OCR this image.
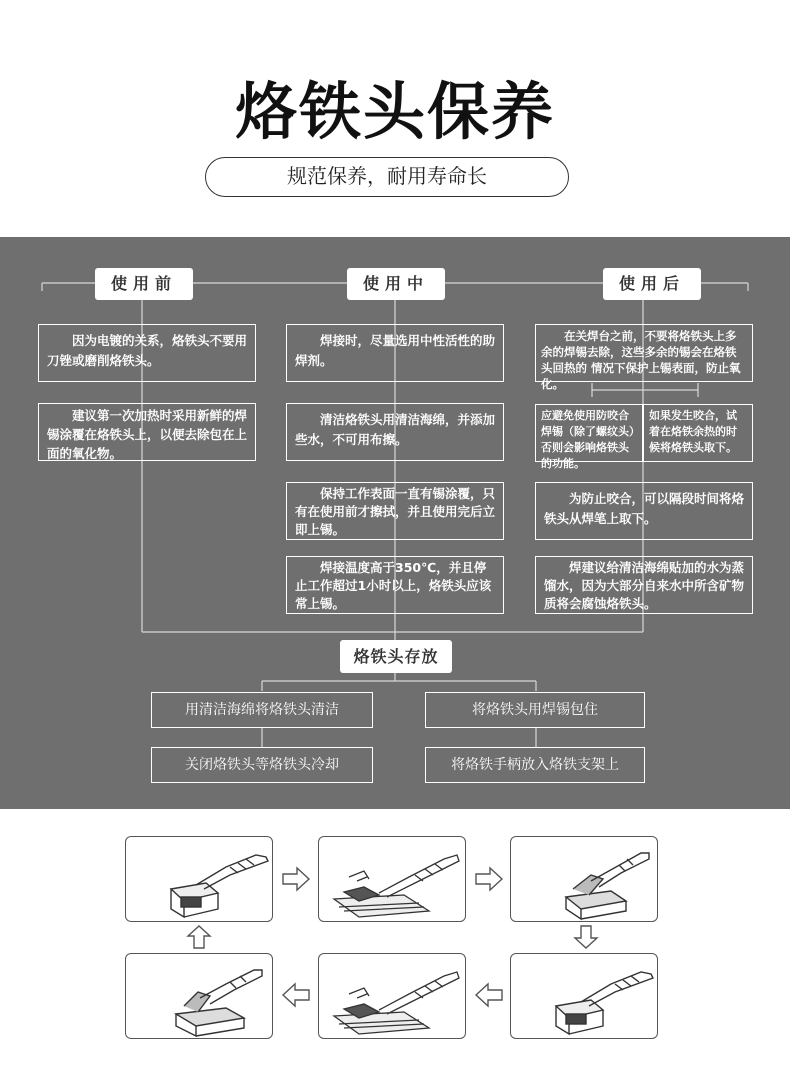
烙铁头保养
规范保养，耐用寿命长
使用前	使用中	使用后
因为电镀的关系，烙铁头不要用刀锉或磨削烙铁头。
建议第一次加热时采用新鲜的焊锡涂覆在烙铁头上，以便去除包在上面的氧化物。
焊接时，尽量选用中性活性的助焊剂。
清洁烙铁头用清洁海绵，并添加些水，不可用布擦。
保持工作表面一直有锡涂覆，只有在使用前才擦拭，并且使用完后立即上锡。
焊接温度高于350℃，并且停止工作超过1小时以上，烙铁头应该常上锡。
在关焊台之前，不要将烙铁头上多余的焊锡去除，这些多余的锡会在烙铁头回热的 情况下保护上锡表面，防止氧化。
应避免使用防咬合焊锡（除了螺纹头）否则会影响烙铁头的功能。
如果发生咬合，试着在烙铁余热的时候将烙铁头取下。
为防止咬合，可以隔段时间将烙铁头从焊笔上取下。
焊建议给清洁海绵贴加的水为蒸馏水，因为大部分自来水中所含矿物质将会腐蚀烙铁头。
烙铁头存放
用清洁海绵将烙铁头清洁	将烙铁头用焊锡包住
关闭烙铁头等烙铁头冷却	将烙铁手柄放入烙铁支架上
